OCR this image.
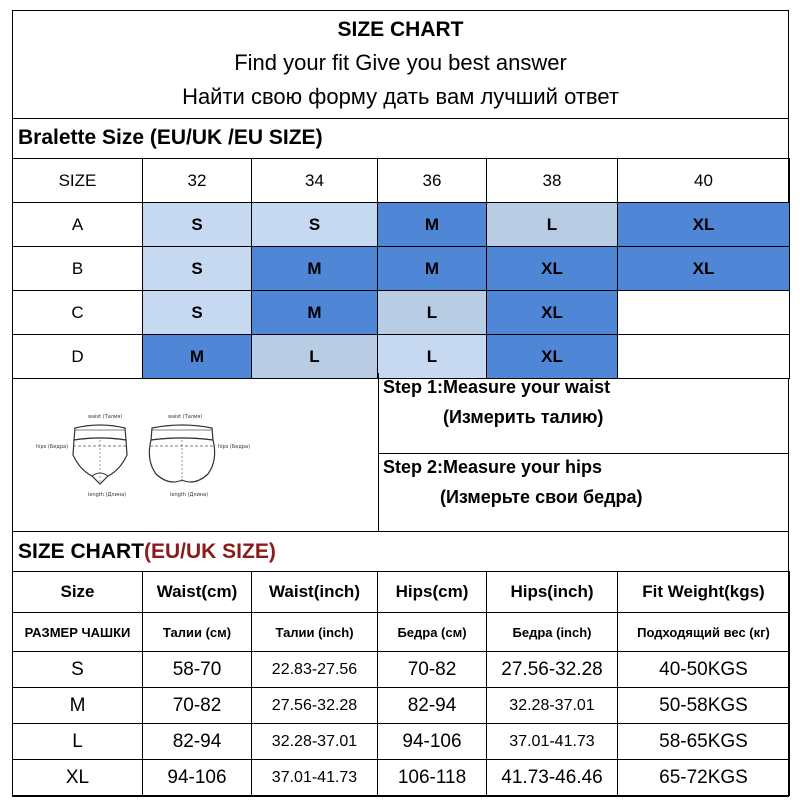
SIZE CHART
Find your fit Give you best answer
Найти свою форму дать вам лучший ответ
Bralette Size (EU/UK /EU SIZE)
SIZE	32	34	36	38	40
A	S	S	M	L	XL
B	S	M	M	XL	XL
C	S	M	L	XL	
D	M	L	L	XL	
waist (Талия)	waist (Талия)
hips (Бедра)	hips (Бедра)
length (Длина)	length (Длина)
Step 1:Measure your waist
(Измерить талию)
Step 2:Measure your hips
(Измерьте свои бедра)
SIZE CHART(EU/UK SIZE)
Size	Waist(cm)	Waist(inch)	Hips(cm)	Hips(inch)	Fit Weight(kgs)
РАЗМЕР ЧАШКИ	Талии (см)	Талии (inch)	Бедра (см)	Бедра (inch)	Подходящий вес (кг)
S	58-70	22.83-27.56	70-82	27.56-32.28	40-50KGS
M	70-82	27.56-32.28	82-94	32.28-37.01	50-58KGS
L	82-94	32.28-37.01	94-106	37.01-41.73	58-65KGS
XL	94-106	37.01-41.73	106-118	41.73-46.46	65-72KGS
